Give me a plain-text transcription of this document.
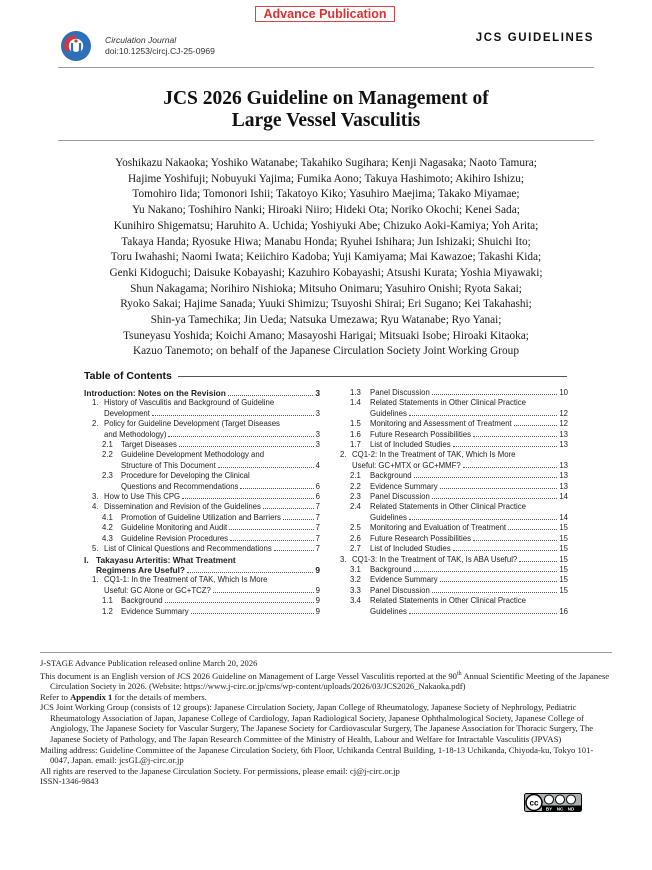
Advance Publication
Circulation Journal
doi:10.1253/circj.CJ-25-0969
JCS GUIDELINES
JCS 2026 Guideline on Management of
Large Vessel Vasculitis
Yoshikazu Nakaoka; Yoshiko Watanabe; Takahiko Sugihara; Kenji Nagasaka; Naoto Tamura;
Hajime Yoshifuji; Nobuyuki Yajima; Fumika Aono; Takuya Hashimoto; Akihiro Ishizu;
Tomohiro Iida; Tomonori Ishii; Takatoyo Kiko; Yasuhiro Maejima; Takako Miyamae;
Yu Nakano; Toshihiro Nanki; Hiroaki Niiro; Hideki Ota; Noriko Okochi; Kenei Sada;
Kunihiro Shigematsu; Haruhito A. Uchida; Yoshiyuki Abe; Chizuko Aoki-Kamiya; Yoh Arita;
Takaya Handa; Ryosuke Hiwa; Manabu Honda; Ryuhei Ishihara; Jun Ishizaki; Shuichi Ito;
Toru Iwahashi; Naomi Iwata; Keiichiro Kadoba; Yuji Kamiyama; Mai Kawazoe; Takashi Kida;
Genki Kidoguchi; Daisuke Kobayashi; Kazuhiro Kobayashi; Atsushi Kurata; Yoshia Miyawaki;
Shun Nakagama; Norihiro Nishioka; Mitsuho Onimaru; Yasuhiro Onishi; Ryota Sakai;
Ryoko Sakai; Hajime Sanada; Yuuki Shimizu; Tsuyoshi Shirai; Eri Sugano; Kei Takahashi;
Shin-ya Tamechika; Jin Ueda; Natsuka Umezawa; Ryu Watanabe; Ryo Yanai;
Tsuneyasu Yoshida; Koichi Amano; Masayoshi Harigai; Mitsuaki Isobe; Hiroaki Kitaoka;
Kazuo Tanemoto; on behalf of the Japanese Circulation Society Joint Working Group
Table of Contents
Introduction: Notes on the Revision	3
1. History of Vasculitis and Background of Guideline
Development	3
2. Policy for Guideline Development (Target Diseases
and Methodology)	3
2.1	Target Diseases	3
2.2	Guideline Development Methodology and
Structure of This Document	4
2.3	Procedure for Developing the Clinical
Questions and Recommendations	6
3. How to Use This CPG	6
4. Dissemination and Revision of the Guidelines	7
4.1	Promotion of Guideline Utilization and Barriers	7
4.2	Guideline Monitoring and Audit	7
4.3	Guideline Revision Procedures	7
5. List of Clinical Questions and Recommendations	7
I. Takayasu Arteritis: What Treatment
Regimens Are Useful?	9
1. CQ1-1: In the Treatment of TAK, Which Is More
Useful: GC Alone or GC+TCZ?	9
1.1	Background	9
1.2	Evidence Summary	9
1.3	Panel Discussion	10
1.4	Related Statements in Other Clinical Practice
Guidelines	12
1.5	Monitoring and Assessment of Treatment	12
1.6	Future Research Possibilities	13
1.7	List of Included Studies	13
2. CQ1-2: In the Treatment of TAK, Which Is More
Useful: GC+MTX or GC+MMF?	13
2.1	Background	13
2.2	Evidence Summary	13
2.3	Panel Discussion	14
2.4	Related Statements in Other Clinical Practice
Guidelines	14
2.5	Monitoring and Evaluation of Treatment	15
2.6	Future Research Possibilities	15
2.7	List of Included Studies	15
3. CQ1-3: In the Treatment of TAK, Is ABA Useful?	15
3.1	Background	15
3.2	Evidence Summary	15
3.3	Panel Discussion	15
3.4	Related Statements in Other Clinical Practice
Guidelines	16

J-STAGE Advance Publication released online March 20, 2026

This document is an English version of JCS 2026 Guideline on Management of Large Vessel Vasculitis reported at the 90th Annual Scientific Meeting of the Japanese Circulation Society in 2026. (Website: https://www.j-circ.or.jp/cms/wp-content/uploads/2026/03/JCS2026_Nakaoka.pdf)

Refer to Appendix 1 for the details of members.

JCS Joint Working Group (consists of 12 groups): Japanese Circulation Society, Japan College of Rheumatology, Japanese Society of Nephrology, Pediatric Rheumatology Association of Japan, Japanese College of Cardiology, Japan Radiological Society, Japanese Ophthalmological Society, Japanese College of Angiology, The Japanese Society for Vascular Surgery, The Japanese Society for Cardiovascular Surgery, The Japanese Association for Thoracic Surgery, The Japanese Society of Pathology, and The Japan Research Committee of the Ministry of Health, Labour and Welfare for Intractable Vasculitis (JPVAS)

Mailing address: Guideline Committee of the Japanese Circulation Society, 6th Floor, Uchikanda Central Building, 1-18-13 Uchikanda, Chiyoda-ku, Tokyo 101-0047, Japan. email: jcsGL@j-circ.or.jp

All rights are reserved to the Japanese Circulation Society. For permissions, please email: cj@j-circ.or.jp

ISSN-1346-9843

cc
BY NC ND
